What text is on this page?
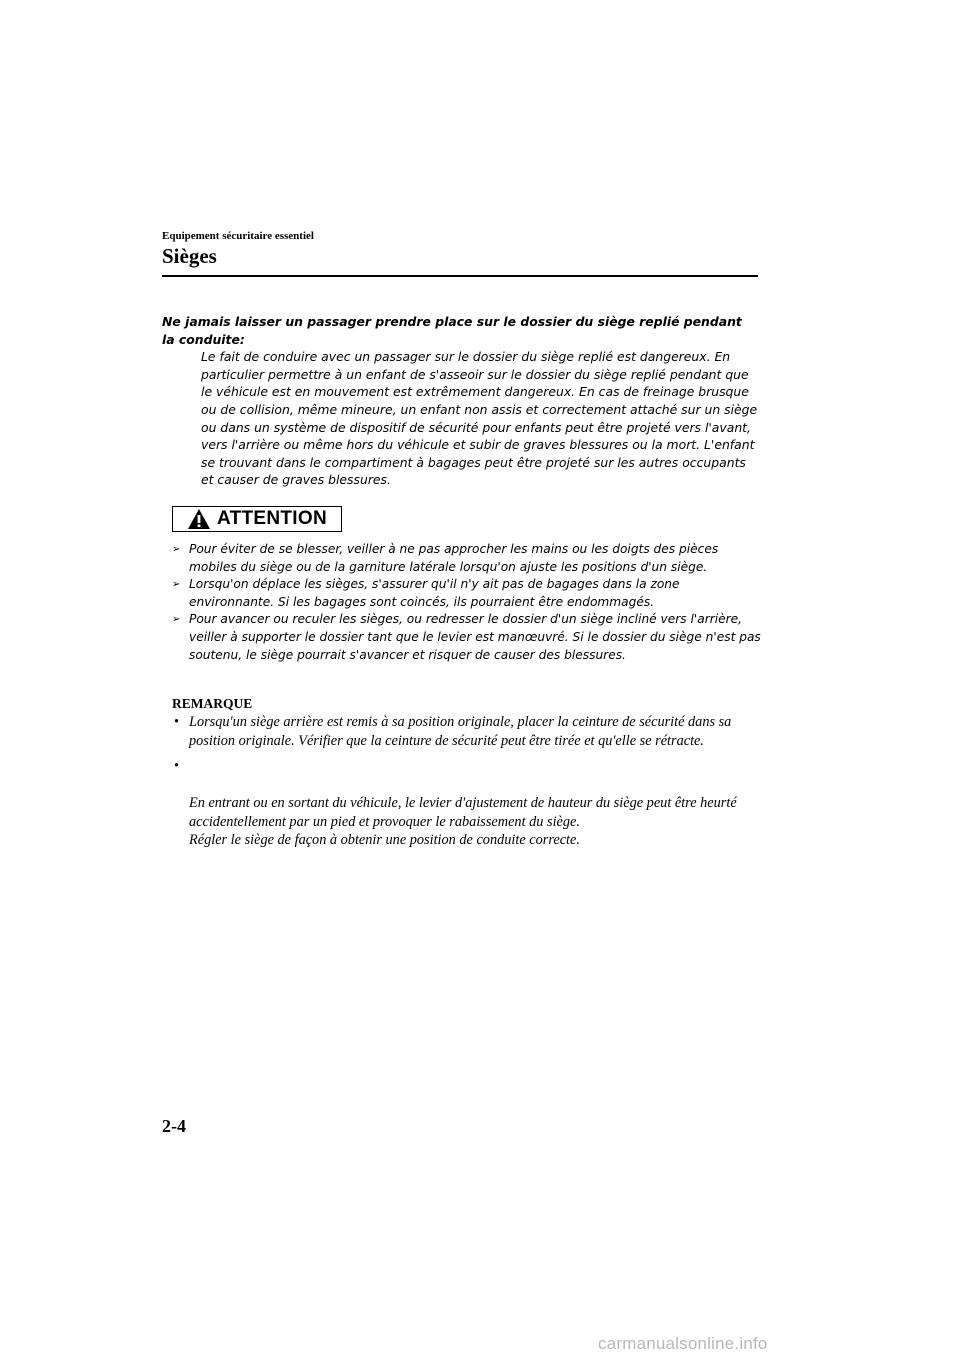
Equipement sécuritaire essentiel
Sièges
Ne jamais laisser un passager prendre place sur le dossier du siège replié pendant la conduite:
Le fait de conduire avec un passager sur le dossier du siège replié est dangereux. En particulier permettre à un enfant de s'asseoir sur le dossier du siège replié pendant que le véhicule est en mouvement est extrêmement dangereux. En cas de freinage brusque ou de collision, même mineure, un enfant non assis et correctement attaché sur un siège ou dans un système de dispositif de sécurité pour enfants peut être projeté vers l'avant, vers l'arrière ou même hors du véhicule et subir de graves blessures ou la mort. L'enfant se trouvant dans le compartiment à bagages peut être projeté sur les autres occupants et causer de graves blessures.
ATTENTION
➢ Pour éviter de se blesser, veiller à ne pas approcher les mains ou les doigts des pièces mobiles du siège ou de la garniture latérale lorsqu'on ajuste les positions d'un siège.
➢ Lorsqu'on déplace les sièges, s'assurer qu'il n'y ait pas de bagages dans la zone environnante. Si les bagages sont coincés, ils pourraient être endommagés.
➢ Pour avancer ou reculer les sièges, ou redresser le dossier d'un siège incliné vers l'arrière, veiller à supporter le dossier tant que le levier est manœuvré. Si le dossier du siège n'est pas soutenu, le siège pourrait s'avancer et risquer de causer des blessures.
REMARQUE
• Lorsqu'un siège arrière est remis à sa position originale, placer la ceinture de sécurité dans sa position originale. Vérifier que la ceinture de sécurité peut être tirée et qu'elle se rétracte.

•

En entrant ou en sortant du véhicule, le levier d'ajustement de hauteur du siège peut être heurté accidentellement par un pied et provoquer le rabaissement du siège.
Régler le siège de façon à obtenir une position de conduite correcte.

2-4
carmanualsonline.info
